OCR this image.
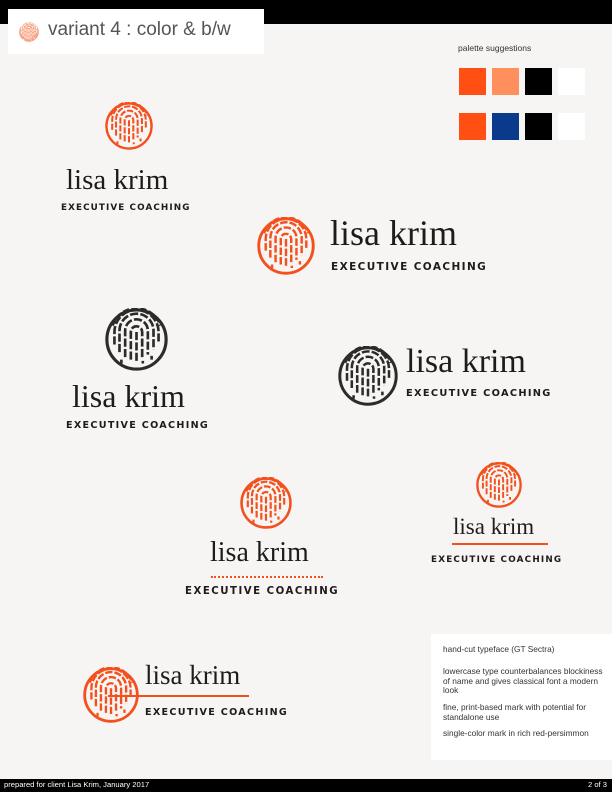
variant 4 : color & b/w
palette suggestions
lisa krim
EXECUTIVE COACHING
lisa krim
EXECUTIVE COACHING
lisa krim
EXECUTIVE COACHING
lisa krim
EXECUTIVE COACHING
lisa krim
EXECUTIVE COACHING
lisa krim
EXECUTIVE COACHING
lisa krim
EXECUTIVE COACHING
hand-cut typeface (GT Sectra)
lowercase type counterbalances blockiness of name and gives classical font a modern look
fine, print-based mark with potential for standalone use
single-color mark in rich red-persimmon
prepared for client Lisa Krim, January 2017	2 of 3
